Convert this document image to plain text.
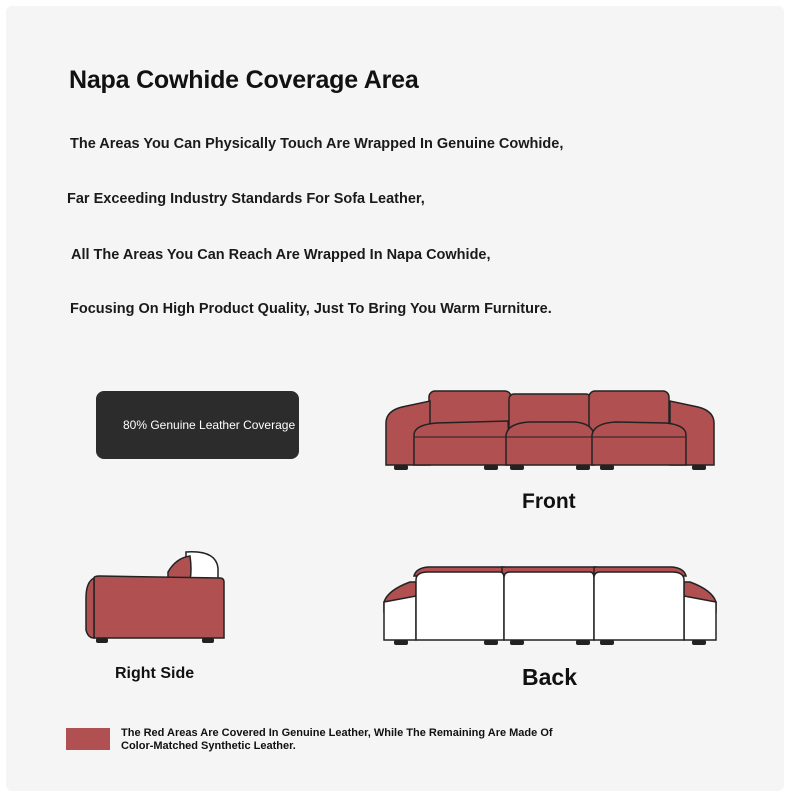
Napa Cowhide Coverage Area
The Areas You Can Physically Touch Are Wrapped In Genuine Cowhide,
Far Exceeding Industry Standards For Sofa Leather,
All The Areas You Can Reach Are Wrapped In Napa Cowhide,
Focusing On High Product Quality, Just To Bring You Warm Furniture.
80% Genuine Leather Coverage
Front
Right Side	Back
The Red Areas Are Covered In Genuine Leather, While The Remaining Are Made Of Color-Matched Synthetic Leather.
